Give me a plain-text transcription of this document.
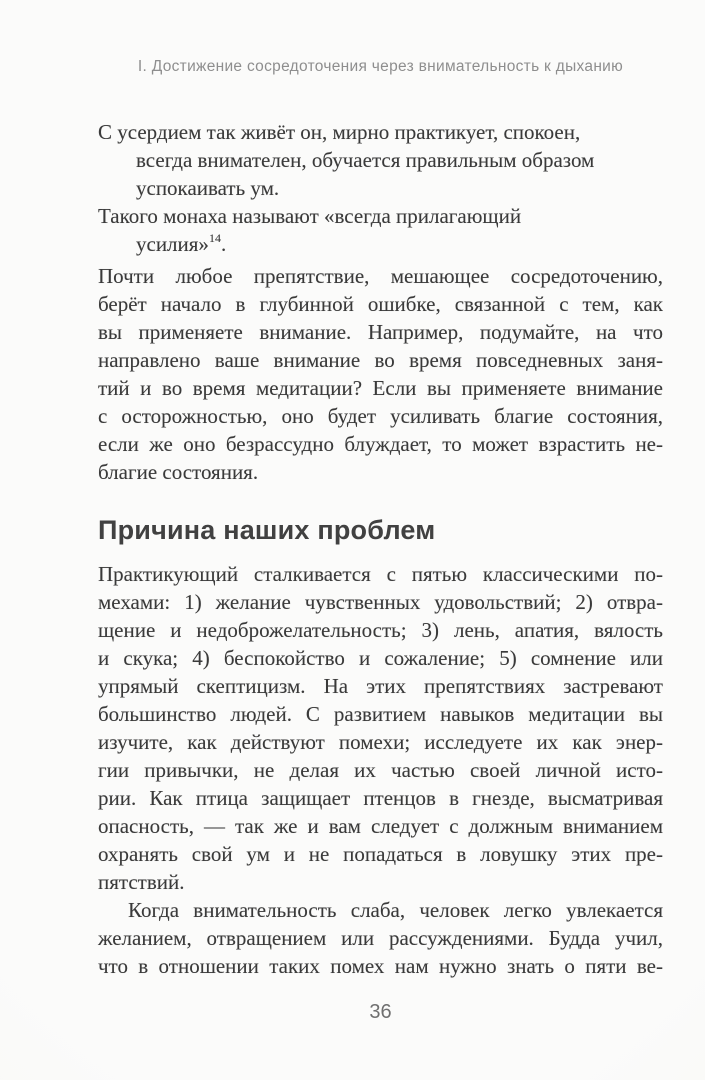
I. Достижение сосредоточения через внимательность к дыханию
С усердием так живёт он, мирно практикует, спокоен,
всегда внимателен, обучается правильным образом
успокаивать ум.
Такого монаха называют «всегда прилагающий
усилия»$^{14}$.
Почти любое препятствие, мешающее сосредоточению,
берёт начало в глубинной ошибке, связанной с тем, как
вы применяете внимание. Например, подумайте, на что
направлено ваше внимание во время повседневных заня-
тий и во время медитации? Если вы применяете внимание
с осторожностью, оно будет усиливать благие состояния,
если же оно безрассудно блуждает, то может взрастить не-
благие состояния.
Причина наших проблем
Практикующий сталкивается с пятью классическими по-
мехами: 1) желание чувственных удовольствий; 2) отвра-
щение и недоброжелательность; 3) лень, апатия, вялость
и скука; 4) беспокойство и сожаление; 5) сомнение или
упрямый скептицизм. На этих препятствиях застревают
большинство людей. С развитием навыков медитации вы
изучите, как действуют помехи; исследуете их как энер-
гии привычки, не делая их частью своей личной исто-
рии. Как птица защищает птенцов в гнезде, высматривая
опасность, — так же и вам следует с должным вниманием
охранять свой ум и не попадаться в ловушку этих пре-
пятствий.
Когда внимательность слаба, человек легко увлекается
желанием, отвращением или рассуждениями. Будда учил,
что в отношении таких помех нам нужно знать о пяти ве-
36
